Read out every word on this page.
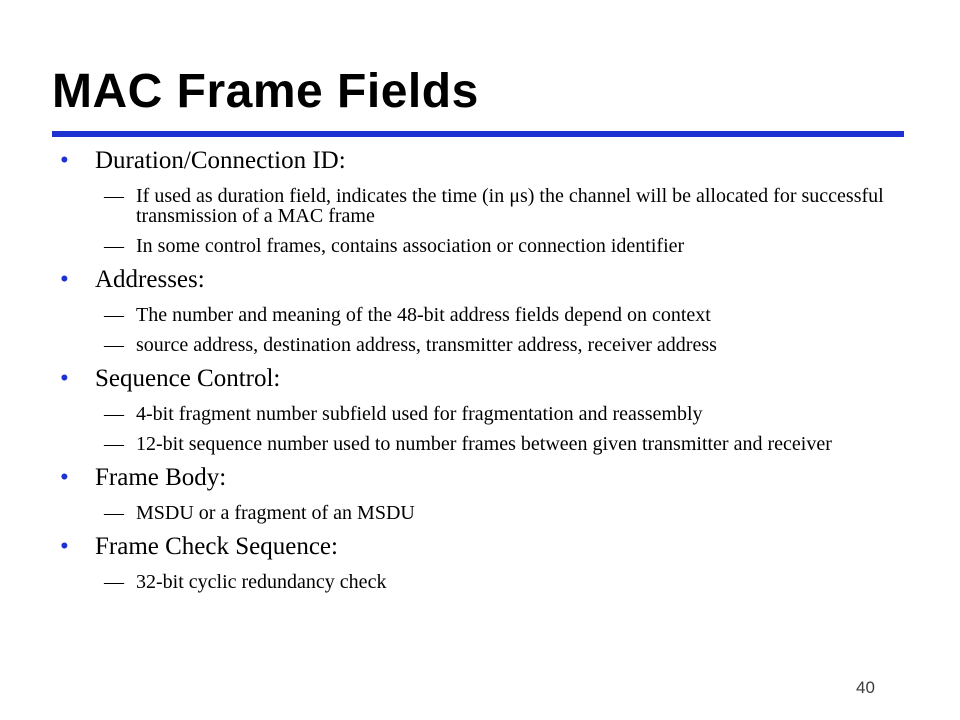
MAC Frame Fields
• Duration/Connection ID:
— If used as duration field, indicates the time (in μs) the channel will be allocated for successful transmission of a MAC frame
— In some control frames, contains association or connection identifier
• Addresses:
— The number and meaning of the 48-bit address fields depend on context
— source address, destination address, transmitter address, receiver address
• Sequence Control:
— 4-bit fragment number subfield used for fragmentation and reassembly
— 12-bit sequence number used to number frames between given transmitter and receiver
• Frame Body:
— MSDU or a fragment of an MSDU
• Frame Check Sequence:
— 32-bit cyclic redundancy check
40
